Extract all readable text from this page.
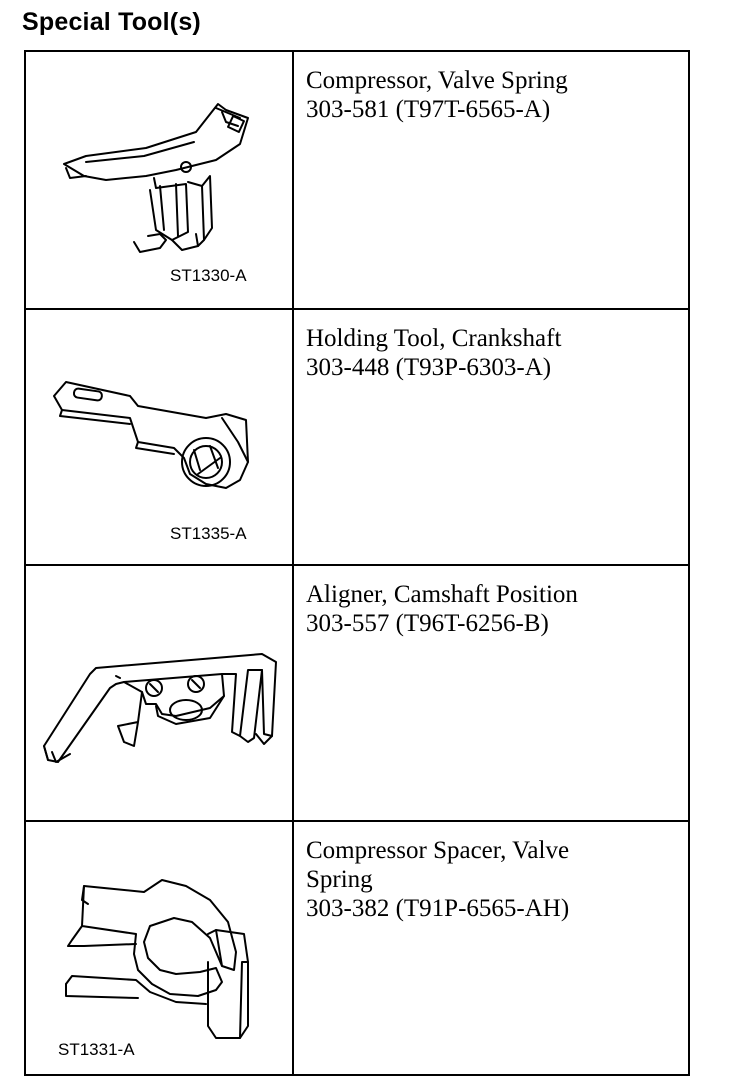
Special Tool(s)
ST1330-A
Compressor, Valve Spring
303-581 (T97T-6565-A)
ST1335-A
Holding Tool, Crankshaft
303-448 (T93P-6303-A)
Aligner, Camshaft Position
303-557 (T96T-6256-B)
ST1331-A
Compressor Spacer, Valve Spring
303-382 (T91P-6565-AH)
